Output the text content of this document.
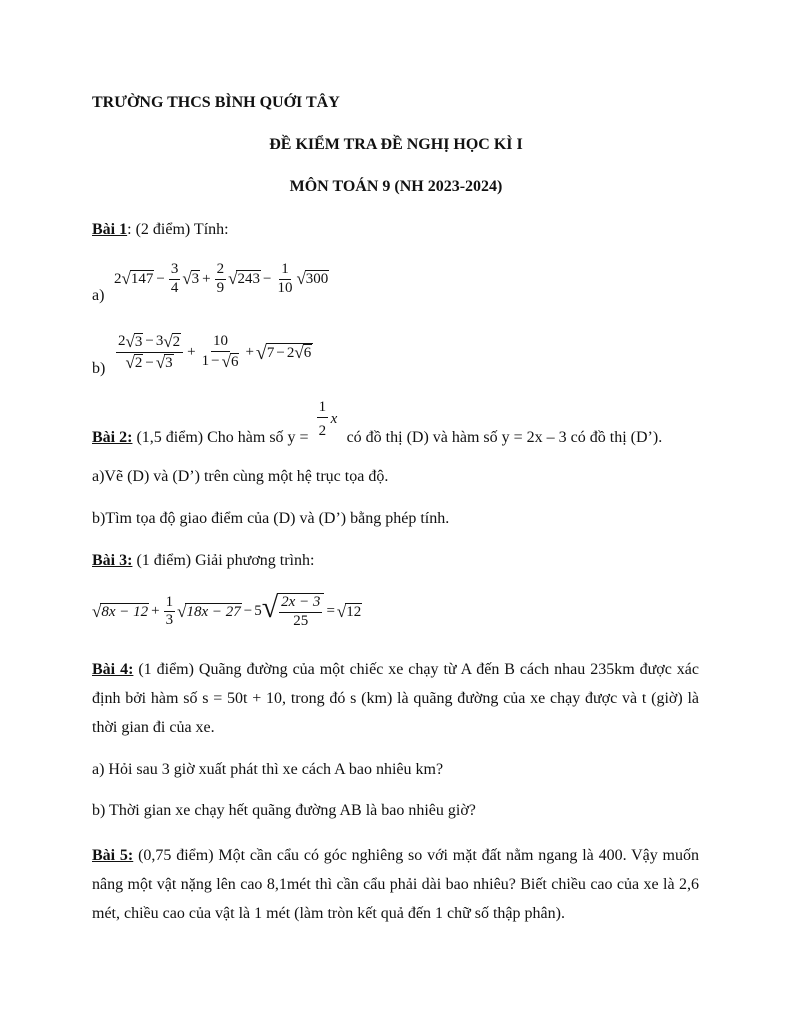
TRƯỜNG THCS BÌNH QUỚI TÂY
ĐỀ KIỂM TRA ĐỀ NGHỊ HỌC KÌ I
MÔN TOÁN 9 (NH 2023-2024)
Bài 1: (2 điểm) Tính:
a)
2 √ $147 - \frac{3}{4}$ √ $3 + \frac{2}{9}$ √ $243 - \frac{1}{10}$ √ 300
$b) \frac{2 √ 3 - 3 √ 2}{√ 2 - √ 3} + \frac{10}{1 - √ 6}$ + √ 7 − 2 √ 6
Bài 2: (1,5 điểm) Cho hàm số y =
1
2
x
có đồ thị (D) và hàm số y = 2x – 3 có đồ thị (D’).
a)Vẽ (D) và (D’) trên cùng một hệ trục tọa độ.
b)Tìm tọa độ giao điểm của (D) và (D’) bằng phép tính.
Bài 3: (1 điểm) Giải phương trình:
√ $8x - 12 + \frac{1}{3}$ √ 18x − 27 − 5 √ $\frac{2x - 3}{25}$ = √ 12
Bài 4: (1 điểm) Quãng đường của một chiếc xe chạy từ A đến B cách nhau 235km được xác định bởi hàm số s = 50t + 10, trong đó s (km) là quãng đường của xe chạy được và t (giờ) là thời gian đi của xe.
a) Hỏi sau 3 giờ xuất phát thì xe cách A bao nhiêu km?
b) Thời gian xe chạy hết quãng đường AB là bao nhiêu giờ?
Bài 5: (0,75 điểm) Một cần cẩu có góc nghiêng so với mặt đất nằm ngang là 400. Vậy muốn nâng một vật nặng lên cao 8,1mét thì cần cẩu phải dài bao nhiêu? Biết chiều cao của xe là 2,6 mét, chiều cao của vật là 1 mét (làm tròn kết quả đến 1 chữ số thập phân).
